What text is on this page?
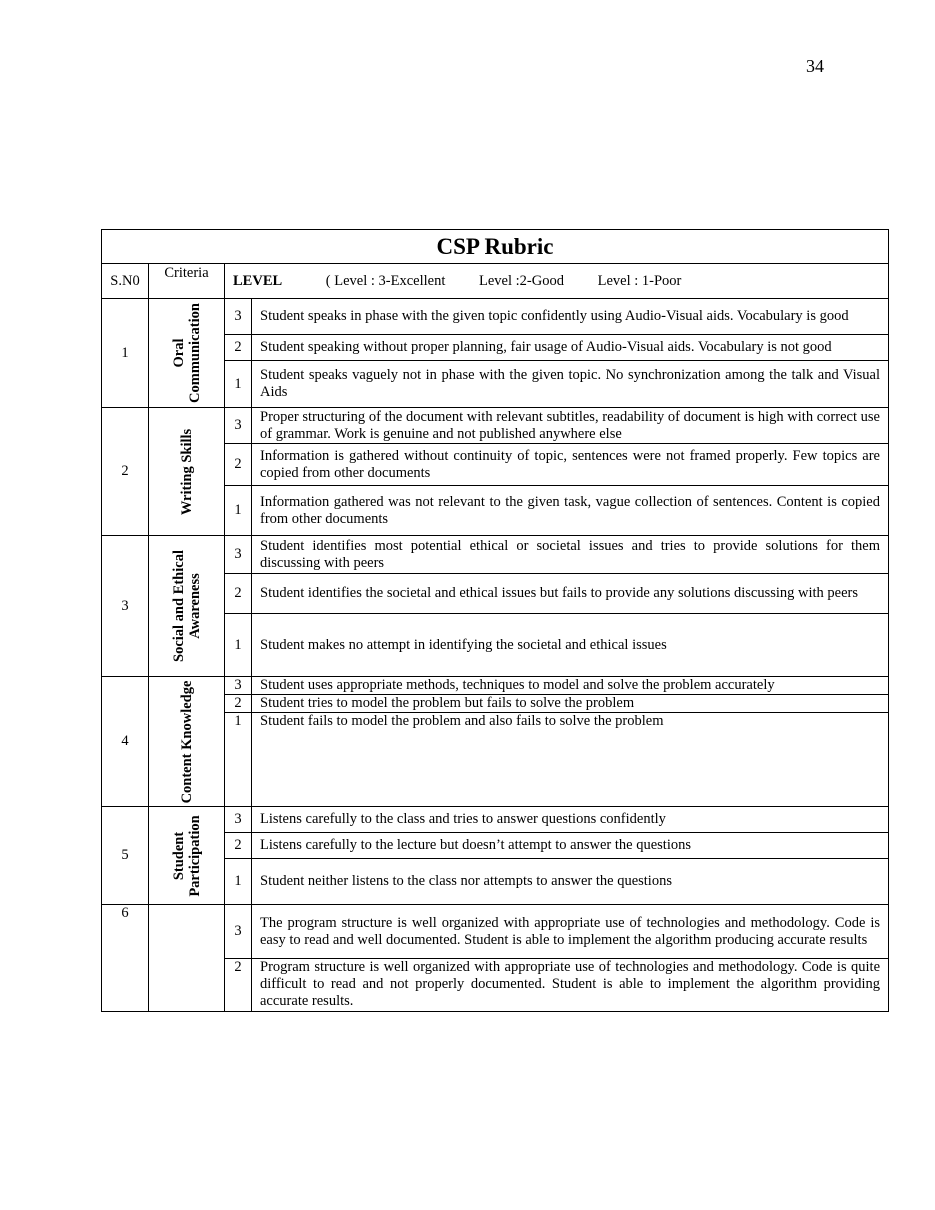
34
CSP Rubric			
S.N0	Criteria	LEVEL ( Level : 3-Excellent Level :2-Good Level : 1-Poor	
1	Oral Communication	3	Student speaks in phase with the given topic confidently using Audio-Visual aids. Vocabulary is good
		2	Student speaking without proper planning, fair usage of Audio-Visual aids. Vocabulary is not good
		1	Student speaks vaguely not in phase with the given topic. No synchronization among the talk and Visual Aids
2	Writing Skills	3	Proper structuring of the document with relevant subtitles, readability of document is high with correct use of grammar. Work is genuine and not published anywhere else
		2	Information is gathered without continuity of topic, sentences were not framed properly. Few topics are copied from other documents
		1	Information gathered was not relevant to the given task, vague collection of sentences. Content is copied from other documents
3	Social and Ethical Awareness	3	Student identifies most potential ethical or societal issues and tries to provide solutions for them discussing with peers
		2	Student identifies the societal and ethical issues but fails to provide any solutions discussing with peers
		1	Student makes no attempt in identifying the societal and ethical issues
4	Content Knowledge	3	Student uses appropriate methods, techniques to model and solve the problem accurately
		2	Student tries to model the problem but fails to solve the problem
		1	Student fails to model the problem and also fails to solve the problem
5	Student Participation	3	Listens carefully to the class and tries to answer questions confidently
		2	Listens carefully to the lecture but doesn’t attempt to answer the questions
		1	Student neither listens to the class nor attempts to answer the questions
6		3	The program structure is well organized with appropriate use of technologies and methodology. Code is easy to read and well documented. Student is able to implement the algorithm producing accurate results
		2	Program structure is well organized with appropriate use of technologies and methodology. Code is quite difficult to read and not properly documented. Student is able to implement the algorithm providing accurate results.
